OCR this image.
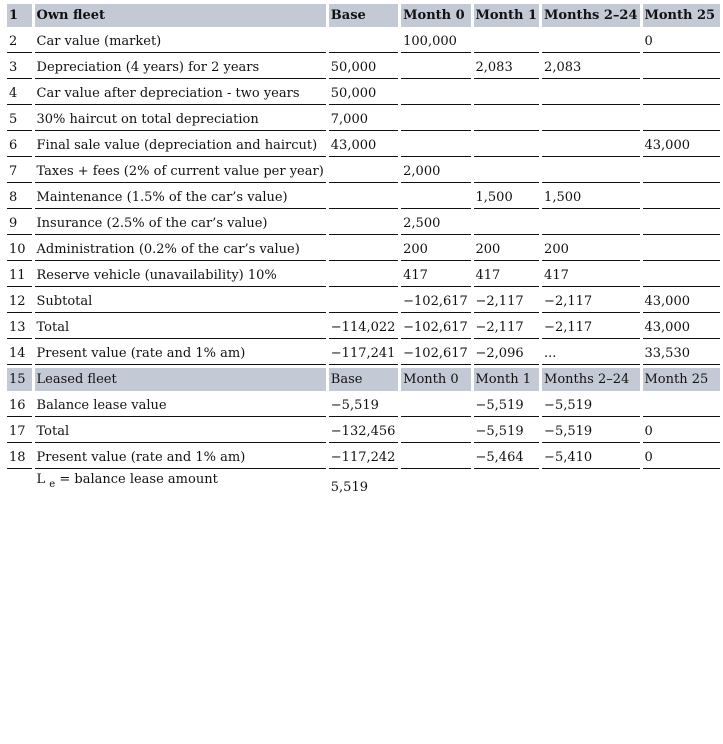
1	Own fleet	Base	Month 0	Month 1	Months 2–24	Month 25
2	Car value (market)		100,000			0
3	Depreciation (4 years) for 2 years	50,000		2,083	2,083	
4	Car value after depreciation - two years	50,000				
5	30% haircut on total depreciation	7,000				
6	Final sale value (depreciation and haircut)	43,000				43,000
7	Taxes + fees (2% of current value per year)		2,000			
8	Maintenance (1.5% of the car’s value)			1,500	1,500	
9	Insurance (2.5% of the car’s value)		2,500			
10	Administration (0.2% of the car’s value)		200	200	200	
11	Reserve vehicle (unavailability) 10%		417	417	417	
12	Subtotal		−102,617	−2,117	−2,117	43,000
13	Total	−114,022	−102,617	−2,117	−2,117	43,000
14	Present value (rate and 1% am)	−117,241	−102,617	−2,096	...	33,530
15	Leased fleet	Base	Month 0	Month 1	Months 2–24	Month 25
16	Balance lease value	−5,519		−5,519	−5,519	
17	Total	−132,456		−5,519	−5,519	0
18	Present value (rate and 1% am)	−117,242		−5,464	−5,410	0
	L $_e$ = balance lease amount	5,519				
